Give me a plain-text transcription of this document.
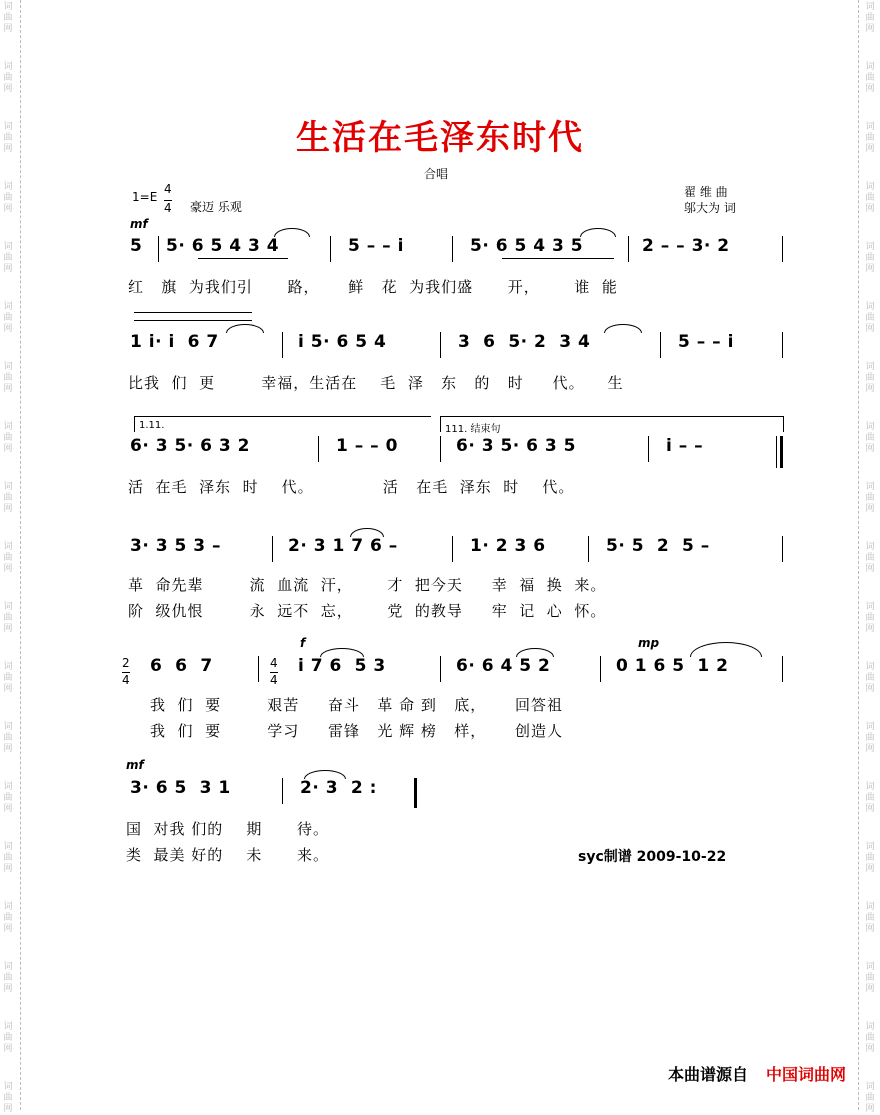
词
曲
网
词
曲
网
词
曲
网
词
曲
网
词
曲
网
词
曲
网
词
曲
网
词
曲
网
词
曲
网
词
曲
网
词
曲
网
词
曲
网
词
曲
网
词
曲
网
词
曲
网
词
曲
网
词
曲
网
词
曲
网
词
曲
网
词
曲
网
词
曲
网
词
曲
网
词
曲
网
词
曲
网
词
曲
网
词
曲
网
词
曲
网
词
曲
网
词
曲
网
词
曲
网
词
曲
网
词
曲
网
词
曲
网
词
曲
网
词
曲
网
词
曲
网
词
曲
网
词
曲
网
生活在毛泽东时代
合唱
1=E
4
4 豪迈 乐观
翟 维 曲
邬大为 词
mf
5 5· 6 5 4 3 4	5 – – i	5· 6 5 4 3 5	2 – – 3· 2
红   旗  为我们引      路，     鲜   花  为我们盛      开，      谁  能
1 i· i  6 7	i 5· 6 5 4	3  6  5· 2  3 4	5 – – i
比我  们  更        幸福，生活在    毛  泽   东   的   时     代。    生
1.11.	111. 结束句
6· 3 5· 6 3 2	1 – – 0	6· 3 5· 6 3 5	i – –
活  在毛  泽东  时    代。            活   在毛  泽东  时    代。
3· 3 5 3 –	2· 3 1 7 6 –	1· 2 3 6	5· 5  2  5 –
革  命先辈        流  血流  汗，      才  把今天     幸  福  换  来。
阶  级仇恨        永  远不  忘，      党  的教导     牢  记  心  怀。
f	mp
2
4
6  6  7	4
4
i 7 6  5 3	6· 6 4 5 2	0 1 6 5  1 2
我  们  要        艰苦     奋斗   革 命 到   底，     回答祖
我  们  要        学习     雷锋   光 辉 榜   样，     创造人
mf
3· 6 5  3 1	2· 3  2 :
国  对我 们的    期      待。
类  最美 好的    未      来。	syc制谱 2009-10-22
本曲谱源自 中国词曲网
